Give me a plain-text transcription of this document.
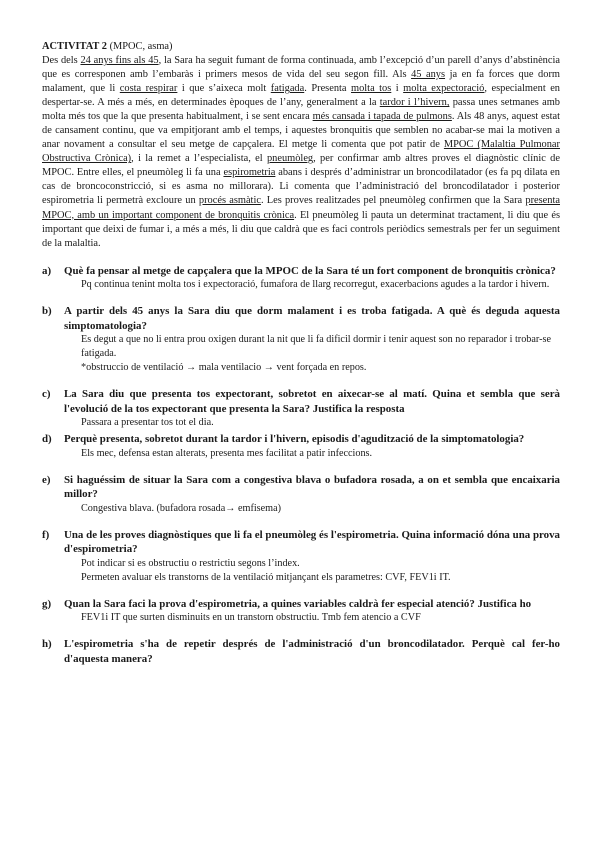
ACTIVITAT 2 (MPOC, asma)

Des dels 24 anys fins als 45, la Sara ha seguit fumant de forma continuada, amb l’excepció d’un parell d’anys d’abstinència que es corresponen amb l’embaràs i primers mesos de vida del seu segon fill. Als 45 anys ja en fa forces que dorm malament, que li costa respirar i que s’aixeca molt fatigada. Presenta molta tos i molta expectoració, especialment en despertar-se. A més a més, en determinades èpoques de l’any, generalment a la tardor i l’hivern, passa unes setmanes amb molta més tos que la que presenta habitualment, i se sent encara més cansada i tapada de pulmons. Als 48 anys, aquest estat de cansament continu, que va empitjorant amb el temps, i aquestes bronquitis que semblen no acabar-se mai la motiven a anar novament a consultar el seu metge de capçalera. El metge li comenta que pot patir de MPOC (Malaltia Pulmonar Obstructiva Crònica), i la remet a l’especialista, el pneumòleg, per confirmar amb altres proves el diagnòstic clínic de MPOC. Entre elles, el pneumòleg li fa una espirometria abans i després d’administrar un broncodilatador (es fa pq dilata en cas de broncoconstricció, si es asma no millorara). Li comenta que l’administració del broncodilatador i posterior espirometria li permetrà excloure un procés asmàtic. Les proves realitzades pel pneumòleg confirmen que la Sara presenta MPOC, amb un important component de bronquitis crònica. El pneumòleg li pauta un determinat tractament, li diu que és important que deixi de fumar i, a més a més, li diu que caldrà que es faci controls periòdics semestrals per fer un seguiment de la malaltia.

a)	Què fa pensar al metge de capçalera que la MPOC de la Sara té un fort component de bronquitis crònica?

Pq continua tenint molta tos i expectoració, fumafora de llarg recorregut, exacerbacions agudes a la tardor i hivern.

b)	A partir dels 45 anys la Sara diu que dorm malament i es troba fatigada. A què és deguda aquesta simptomatologia?

Es degut a que no li entra prou oxigen durant la nit que li fa dificil dormir i tenir aquest son no reparador i trobar-se fatigada.

*obstruccio de ventilació → mala ventilacio → vent forçada en repos.

c)	La Sara diu que presenta tos expectorant, sobretot en aixecar-se al matí. Quina et sembla que serà l'evolució de la tos expectorant que presenta la Sara? Justifica la resposta

Passara a presentar tos tot el dia.

d)	Perquè presenta, sobretot durant la tardor i l'hivern, episodis d'agudització de la simptomatologia?

Els mec, defensa estan alterats, presenta mes facilitat a patir infeccions.

e)	Si haguéssim de situar la Sara com a congestiva blava o bufadora rosada, a on et sembla que encaixaria millor?

Congestiva blava. (bufadora rosada→ emfisema)

f)	Una de les proves diagnòstiques que li fa el pneumòleg és l'espirometria. Quina informació dóna una prova d'espirometria?

Pot indicar si es obstructiu o restrictiu segons l’index.

Permeten avaluar els transtorns de la ventilació mitjançant els parametres: CVF, FEV1i IT.

g)	Quan la Sara faci la prova d'espirometria, a quines variables caldrà fer especial atenció? Justifica ho

FEV1i IT que surten disminuits en un transtorn obstructiu. Tmb fem atencio a CVF

h)	L'espirometria s'ha de repetir després de l'administració d'un broncodilatador. Perquè cal fer-ho d'aquesta manera?
